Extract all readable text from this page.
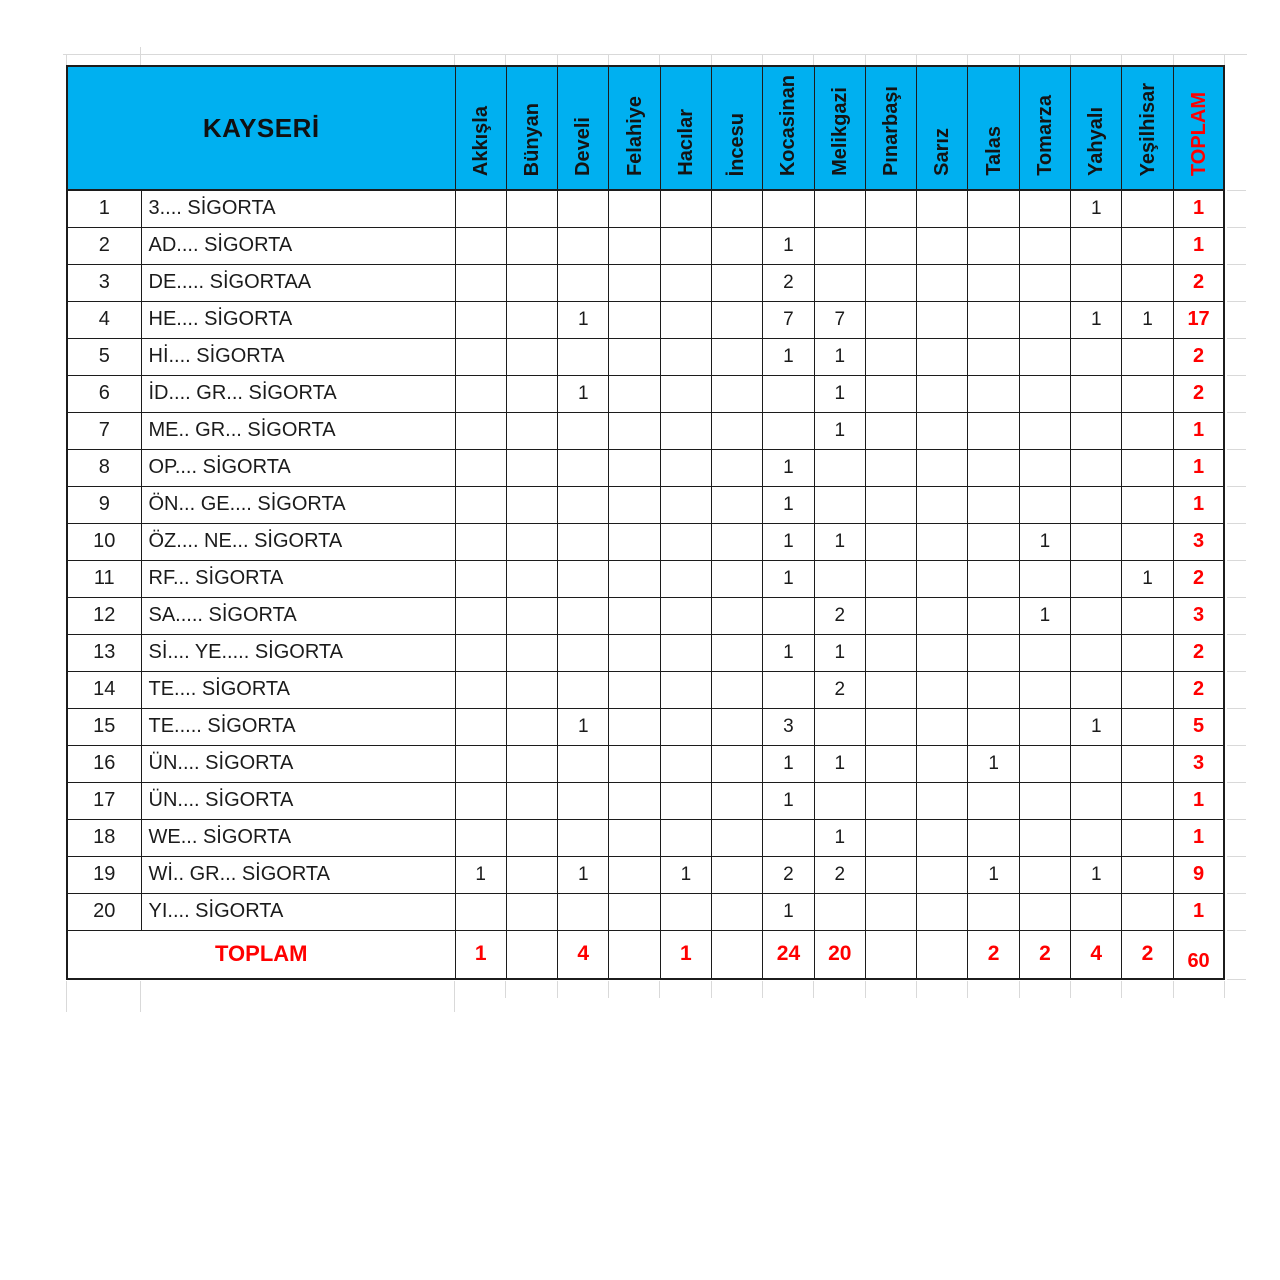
KAYSERİ		Akkışla	Bünyan	Develi	Felahiye	Hacılar	İncesu	Kocasinan	Melikgazi	Pınarbaşı	Sarız	Talas	Tomarza	Yahyalı	Yeşilhisar	TOPLAM
1	3.... SİGORTA													1		1
2	AD.... SİGORTA							1								1
3	DE..... SİGORTAA							2								2
4	HE.... SİGORTA			1				7	7					1	1	17
5	Hİ.... SİGORTA							1	1							2
6	İD.... GR... SİGORTA			1					1							2
7	ME.. GR... SİGORTA								1							1
8	OP.... SİGORTA							1								1
9	ÖN... GE.... SİGORTA							1								1
10	ÖZ.... NE... SİGORTA							1	1				1			3
11	RF... SİGORTA							1							1	2
12	SA..... SİGORTA								2				1			3
13	Sİ.... YE..... SİGORTA							1	1							2
14	TE.... SİGORTA								2							2
15	TE..... SİGORTA			1				3						1		5
16	ÜN.... SİGORTA							1	1			1				3
17	ÜN.... SİGORTA							1								1
18	WE... SİGORTA								1							1
19	Wİ.. GR... SİGORTA	1		1		1		2	2			1		1		9
20	YI.... SİGORTA							1								1
TOPLAM		1		4		1		24	20			2	2	4	2	60
